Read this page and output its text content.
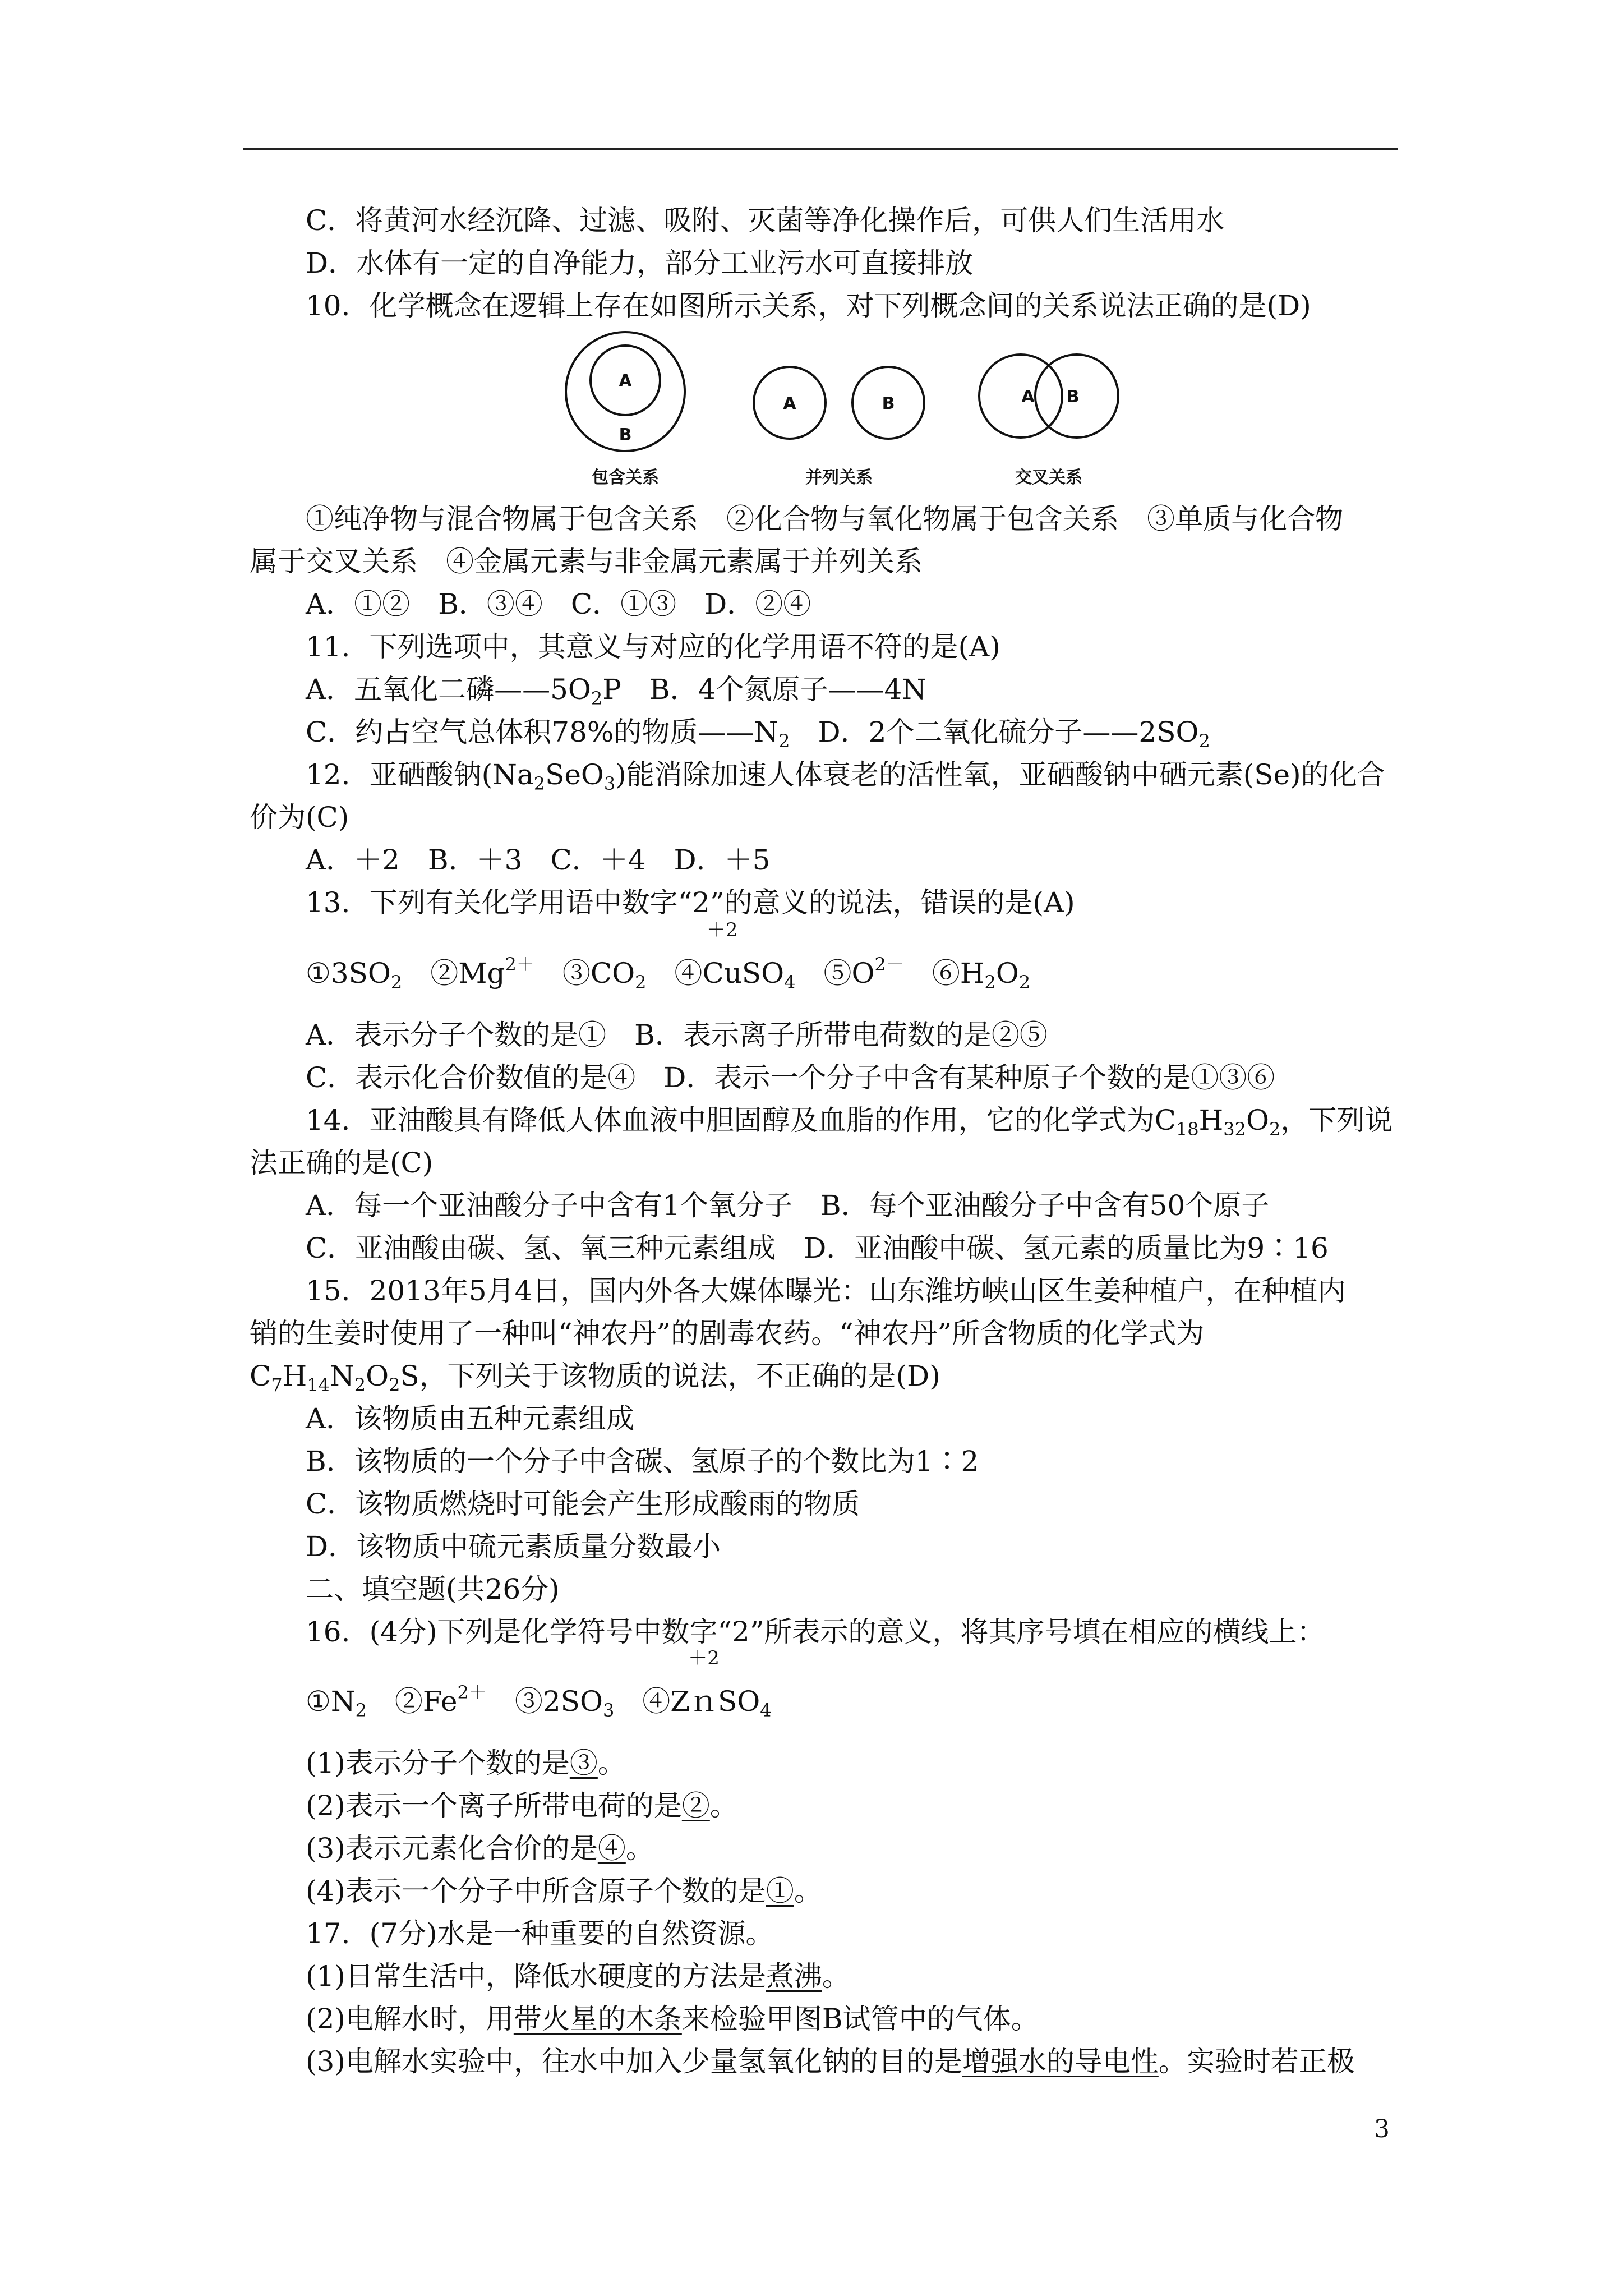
C．将黄河水经沉降、过滤、吸附、灭菌等净化操作后，可供人们生活用水
D．水体有一定的自净能力，部分工业污水可直接排放
10．化学概念在逻辑上存在如图所示关系，对下列概念间的关系说法正确的是(D)
A
B
包含关系
A	B
并列关系
A B
交叉关系
①纯净物与混合物属于包含关系　②化合物与氧化物属于包含关系　③单质与化合物
属于交叉关系　④金属元素与非金属元素属于并列关系
A．①②　B．③④　C．①③　D．②④
11．下列选项中，其意义与对应的化学用语不符的是(A)
A．五氧化二磷$——5O_2P$　B．4个氮原子——4N
C．约占空气总体积78%的物质$——N_2$　D．2个二氧化硫分子$——2SO_2$
12．亚硒酸钠$(Na_2SeO_3)$能消除加速人体衰老的活性氧，亚硒酸钠中硒元素(Se)的化合
价为(C)
A．＋2　B．＋3　C．＋4　D．＋5
13．下列有关化学用语中数字“2”的意义的说法，错误的是(A)
$①3SO_2$　$②Mg^{2+}$　$③CO_2$　④
＋2
CuSO$_4$　$⑤O^{2-}$　$⑥H_2O_2$
A．表示分子个数的是①　B．表示离子所带电荷数的是②⑤
C．表示化合价数值的是④　D．表示一个分子中含有某种原子个数的是①③⑥
14．亚油酸具有降低人体血液中胆固醇及血脂的作用，它的化学式为$C_{18}H_{32}O_2$，下列说
法正确的是(C)
A．每一个亚油酸分子中含有1个氧分子　B．每个亚油酸分子中含有50个原子
C．亚油酸由碳、氢、氧三种元素组成　D．亚油酸中碳、氢元素的质量比为9∶16
15．2013年5月4日，国内外各大媒体曝光：山东潍坊峡山区生姜种植户，在种植内
销的生姜时使用了一种叫“神农丹”的剧毒农药。“神农丹”所含物质的化学式为
$C_7H_{14}N_2O_2S$，下列关于该物质的说法，不正确的是(D)
A．该物质由五种元素组成
B．该物质的一个分子中含碳、氢原子的个数比为1∶2
C．该物质燃烧时可能会产生形成酸雨的物质
D．该物质中硫元素质量分数最小
二、填空题(共26分)
16．(4分)下列是化学符号中数字“2”所表示的意义，将其序号填在相应的横线上：
$①N_2$　$②Fe^{2+}$　$③2SO_3$　④Z
＋2
ｎSO$_4$
(1)表示分子个数的是③。
(2)表示一个离子所带电荷的是②。
(3)表示元素化合价的是④。
(4)表示一个分子中所含原子个数的是①。
17．(7分)水是一种重要的自然资源。
(1)日常生活中，降低水硬度的方法是煮沸。
(2)电解水时，用带火星的木条来检验甲图B试管中的气体。
(3)电解水实验中，往水中加入少量氢氧化钠的目的是增强水的导电性。实验时若正极
3
